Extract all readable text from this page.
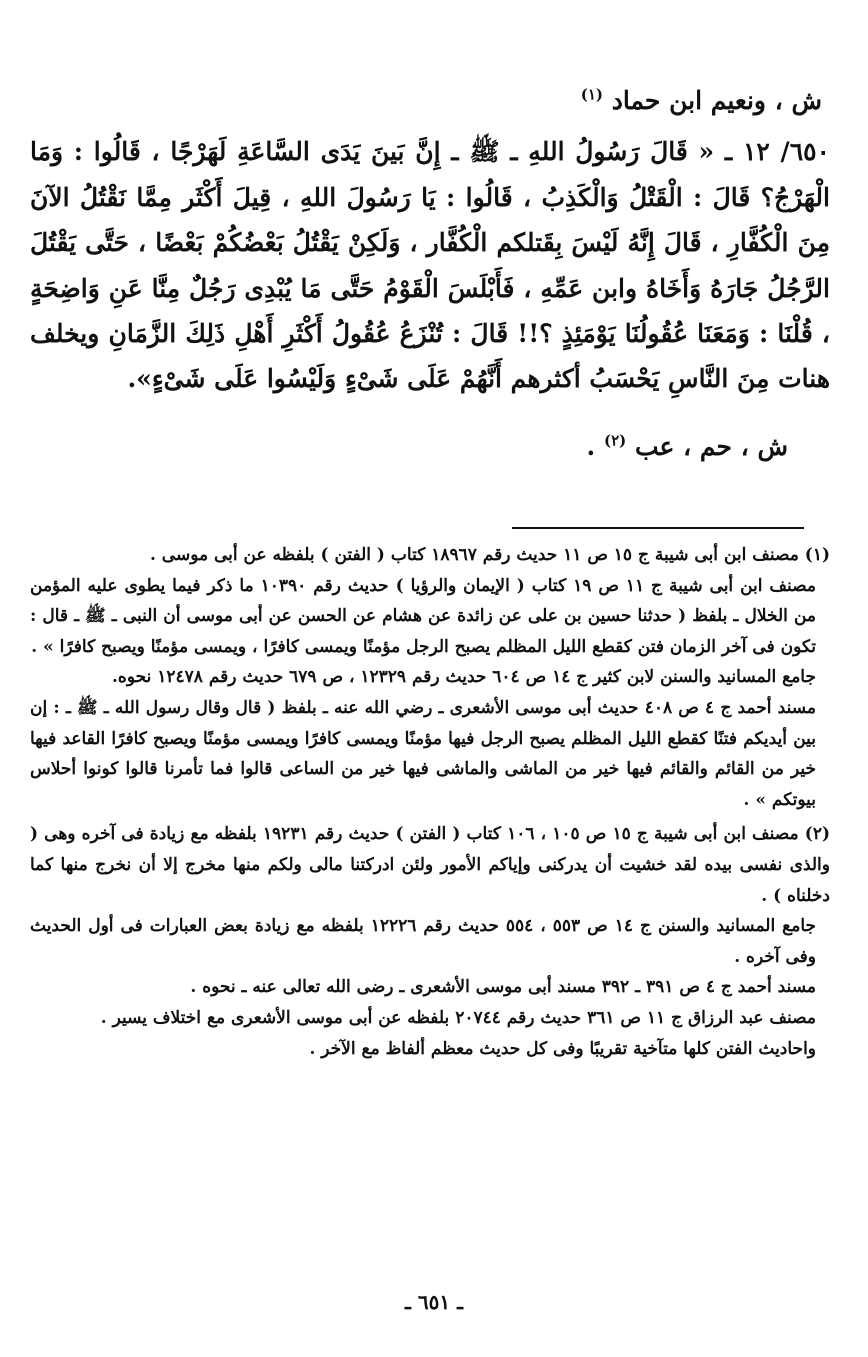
ش ، ونعيم ابن حماد $^{(١)}$

٦٥٠/ ١٢ ـ « قَالَ رَسُولُ اللهِ ـ ﷺ ـ إِنَّ بَينَ يَدَى السَّاعَةِ لَهَرْجًا ، قَالُوا : وَمَا الْهَرْجُ؟ قَالَ : الْقَتْلُ وَالْكَذِبُ ، قَالُوا : يَا رَسُولَ اللهِ ، قِيلَ أَكْثَر مِمَّا نَقْتُلُ الآنَ مِنَ الْكُفَّارِ ، قَالَ إِنَّهُ لَيْسَ بِقَتلكم الْكُفَّار ، وَلَكِنْ يَقْتُلُ بَعْضُكُمْ بَعْضًا ، حَتَّى يَقْتُلَ الرَّجُلُ جَارَهُ وَأَخَاهُ وابن عَمِّهِ ، فَأَبْلَسَ الْقَوْمُ حَتَّى مَا يُبْدِى رَجُلٌ مِنَّا عَنِ وَاضِحَةٍ ، قُلْنَا : وَمَعَنَا عُقُولُنَا يَوْمَئِذٍ ؟!! قَالَ : تُنْزَعُ عُقُولُ أَكْثَرِ أَهْلِ ذَلِكَ الزَّمَانِ ويخلف هنات مِنَ النَّاسِ يَحْسَبُ أكثرهم أَنَّهُمْ عَلَى شَىْءٍ وَلَيْسُوا عَلَى شَىْءٍ».

ش ، حم ، عب $^{(٢)}$ .

(١) مصنف ابن أبى شيبة ج ١٥ ص ١١ حديث رقم ١٨٩٦٧ كتاب ( الفتن ) بلفظه عن أبى موسى .

مصنف ابن أبى شيبة ج ١١ ص ١٩ كتاب ( الإيمان والرؤيا ) حديث رقم ١٠٣٩٠ ما ذكر فيما يطوى عليه المؤمن من الخلال ـ بلفظ ( حدثنا حسين بن على عن زائدة عن هشام عن الحسن عن أبى موسى أن النبى ـ ﷺ ـ قال : تكون فى آخر الزمان فتن كقطع الليل المظلم يصبح الرجل مؤمنًا ويمسى كافرًا ، ويمسى مؤمنًا ويصبح كافرًا » .

جامع المسانيد والسنن لابن كثير ج ١٤ ص ٦٠٤ حديث رقم ١٢٣٢٩ ، ص ٦٧٩ حديث رقم ١٢٤٧٨ نحوه.

مسند أحمد ج ٤ ص ٤٠٨ حديث أبى موسى الأشعرى ـ رضي الله عنه ـ بلفظ ( قال وقال رسول الله ـ ﷺ ـ : إن بين أيديكم فتنًا كقطع الليل المظلم يصبح الرجل فيها مؤمنًا ويمسى كافرًا ويمسى مؤمنًا ويصبح كافرًا القاعد فيها خير من القائم والقائم فيها خير من الماشى والماشى فيها خير من الساعى قالوا فما تأمرنا قالوا كونوا أحلاس بيوتكم » .

(٢) مصنف ابن أبى شيبة ج ١٥ ص ١٠٥ ، ١٠٦ كتاب ( الفتن ) حديث رقم ١٩٢٣١ بلفظه مع زيادة فى آخره وهى ( والذى نفسى بيده لقد خشيت أن يدركنى وإياكم الأمور ولئن ادركتنا مالى ولكم منها مخرج إلا أن نخرج منها كما دخلناه ) .

جامع المسانيد والسنن ج ١٤ ص ٥٥٣ ، ٥٥٤ حديث رقم ١٢٢٢٦ بلفظه مع زيادة بعض العبارات فى أول الحديث وفى آخره .

مسند أحمد ج ٤ ص ٣٩١ ـ ٣٩٢ مسند أبى موسى الأشعرى ـ رضى الله تعالى عنه ـ نحوه .

مصنف عبد الرزاق ج ١١ ص ٣٦١ حديث رقم ٢٠٧٤٤ بلفظه عن أبى موسى الأشعرى مع اختلاف يسير .

واحاديث الفتن كلها متآخية تقريبًا وفى كل حديث معظم ألفاظ مع الآخر .

ـ ٦٥١ ـ
